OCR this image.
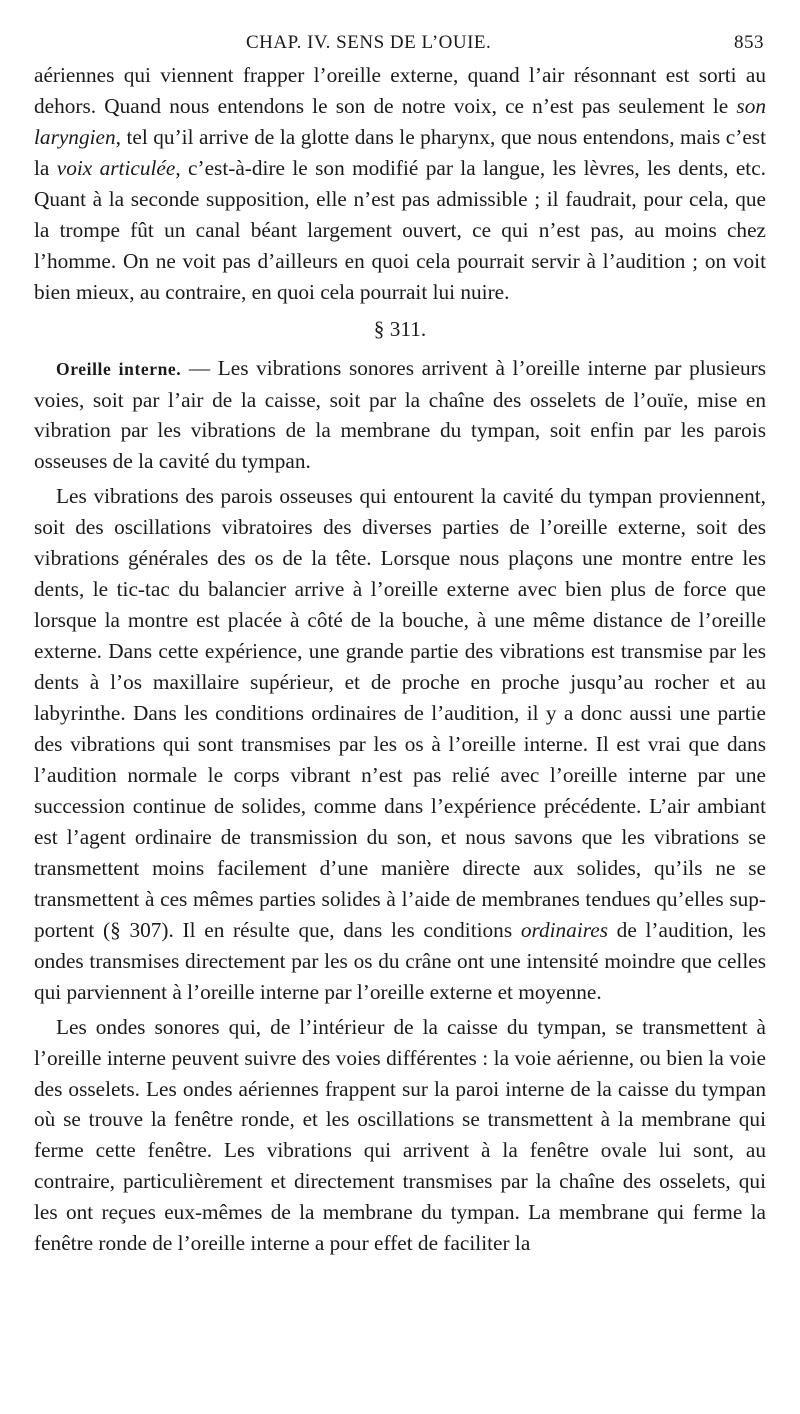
CHAP. IV. SENS DE L’OUIE.	853

aériennes qui viennent frapper l’oreille externe, quand l’air résonnant est sorti au dehors. Quand nous entendons le son de notre voix, ce n’est pas seulement le son laryngien, tel qu’il arrive de la glotte dans le pharynx, que nous entendons, mais c’est la voix articulée, c’est-à-dire le son modifié par la langue, les lèvres, les dents, etc. Quant à la seconde supposition, elle n’est pas admissible ; il faudrait, pour cela, que la trompe fût un canal béant largement ouvert, ce qui n’est pas, au moins chez l’homme. On ne voit pas d’ailleurs en quoi cela pourrait servir à l’audition ; on voit bien mieux, au contraire, en quoi cela pourrait lui nuire.

§ 311.

Oreille interne. — Les vibrations sonores arrivent à l’oreille interne par plusieurs voies, soit par l’air de la caisse, soit par la chaîne des osselets de l’ouïe, mise en vibration par les vibrations de la membrane du tympan, soit enfin par les parois osseuses de la cavité du tympan.

Les vibrations des parois osseuses qui entourent la cavité du tympan proviennent, soit des oscillations vibratoires des diverses parties de l’oreille externe, soit des vibrations générales des os de la tête. Lorsque nous plaçons une montre entre les dents, le tic-tac du balancier arrive à l’oreille externe avec bien plus de force que lorsque la montre est placée à côté de la bouche, à une même distance de l’oreille externe. Dans cette expérience, une grande partie des vibrations est transmise par les dents à l’os maxillaire supérieur, et de proche en proche jusqu’au rocher et au labyrinthe. Dans les conditions ordinaires de l’audition, il y a donc aussi une partie des vibrations qui sont transmises par les os à l’oreille interne. Il est vrai que dans l’audition normale le corps vibrant n’est pas relié avec l’oreille interne par une succession continue de solides, comme dans l’expérience précédente. L’air ambiant est l’agent ordinaire de transmission du son, et nous savons que les vibrations se transmettent moins facilement d’une manière directe aux solides, qu’ils ne se transmettent à ces mêmes parties solides à l’aide de membranes tendues qu’elles supportent (§ 307). Il en résulte que, dans les conditions ordinaires de l’audition, les ondes transmises directement par les os du crâne ont une intensité moindre que celles qui parviennent à l’oreille interne par l’oreille externe et moyenne.

Les ondes sonores qui, de l’intérieur de la caisse du tympan, se transmettent à l’oreille interne peuvent suivre des voies différentes : la voie aérienne, ou bien la voie des osselets. Les ondes aériennes frappent sur la paroi interne de la caisse du tympan où se trouve la fenêtre ronde, et les oscillations se transmettent à la membrane qui ferme cette fenêtre. Les vibrations qui arrivent à la fenêtre ovale lui sont, au contraire, particulièrement et directement transmises par la chaîne des osselets, qui les ont reçues eux-mêmes de la membrane du tympan. La membrane qui ferme la fenêtre ronde de l’oreille interne a pour effet de faciliter la
